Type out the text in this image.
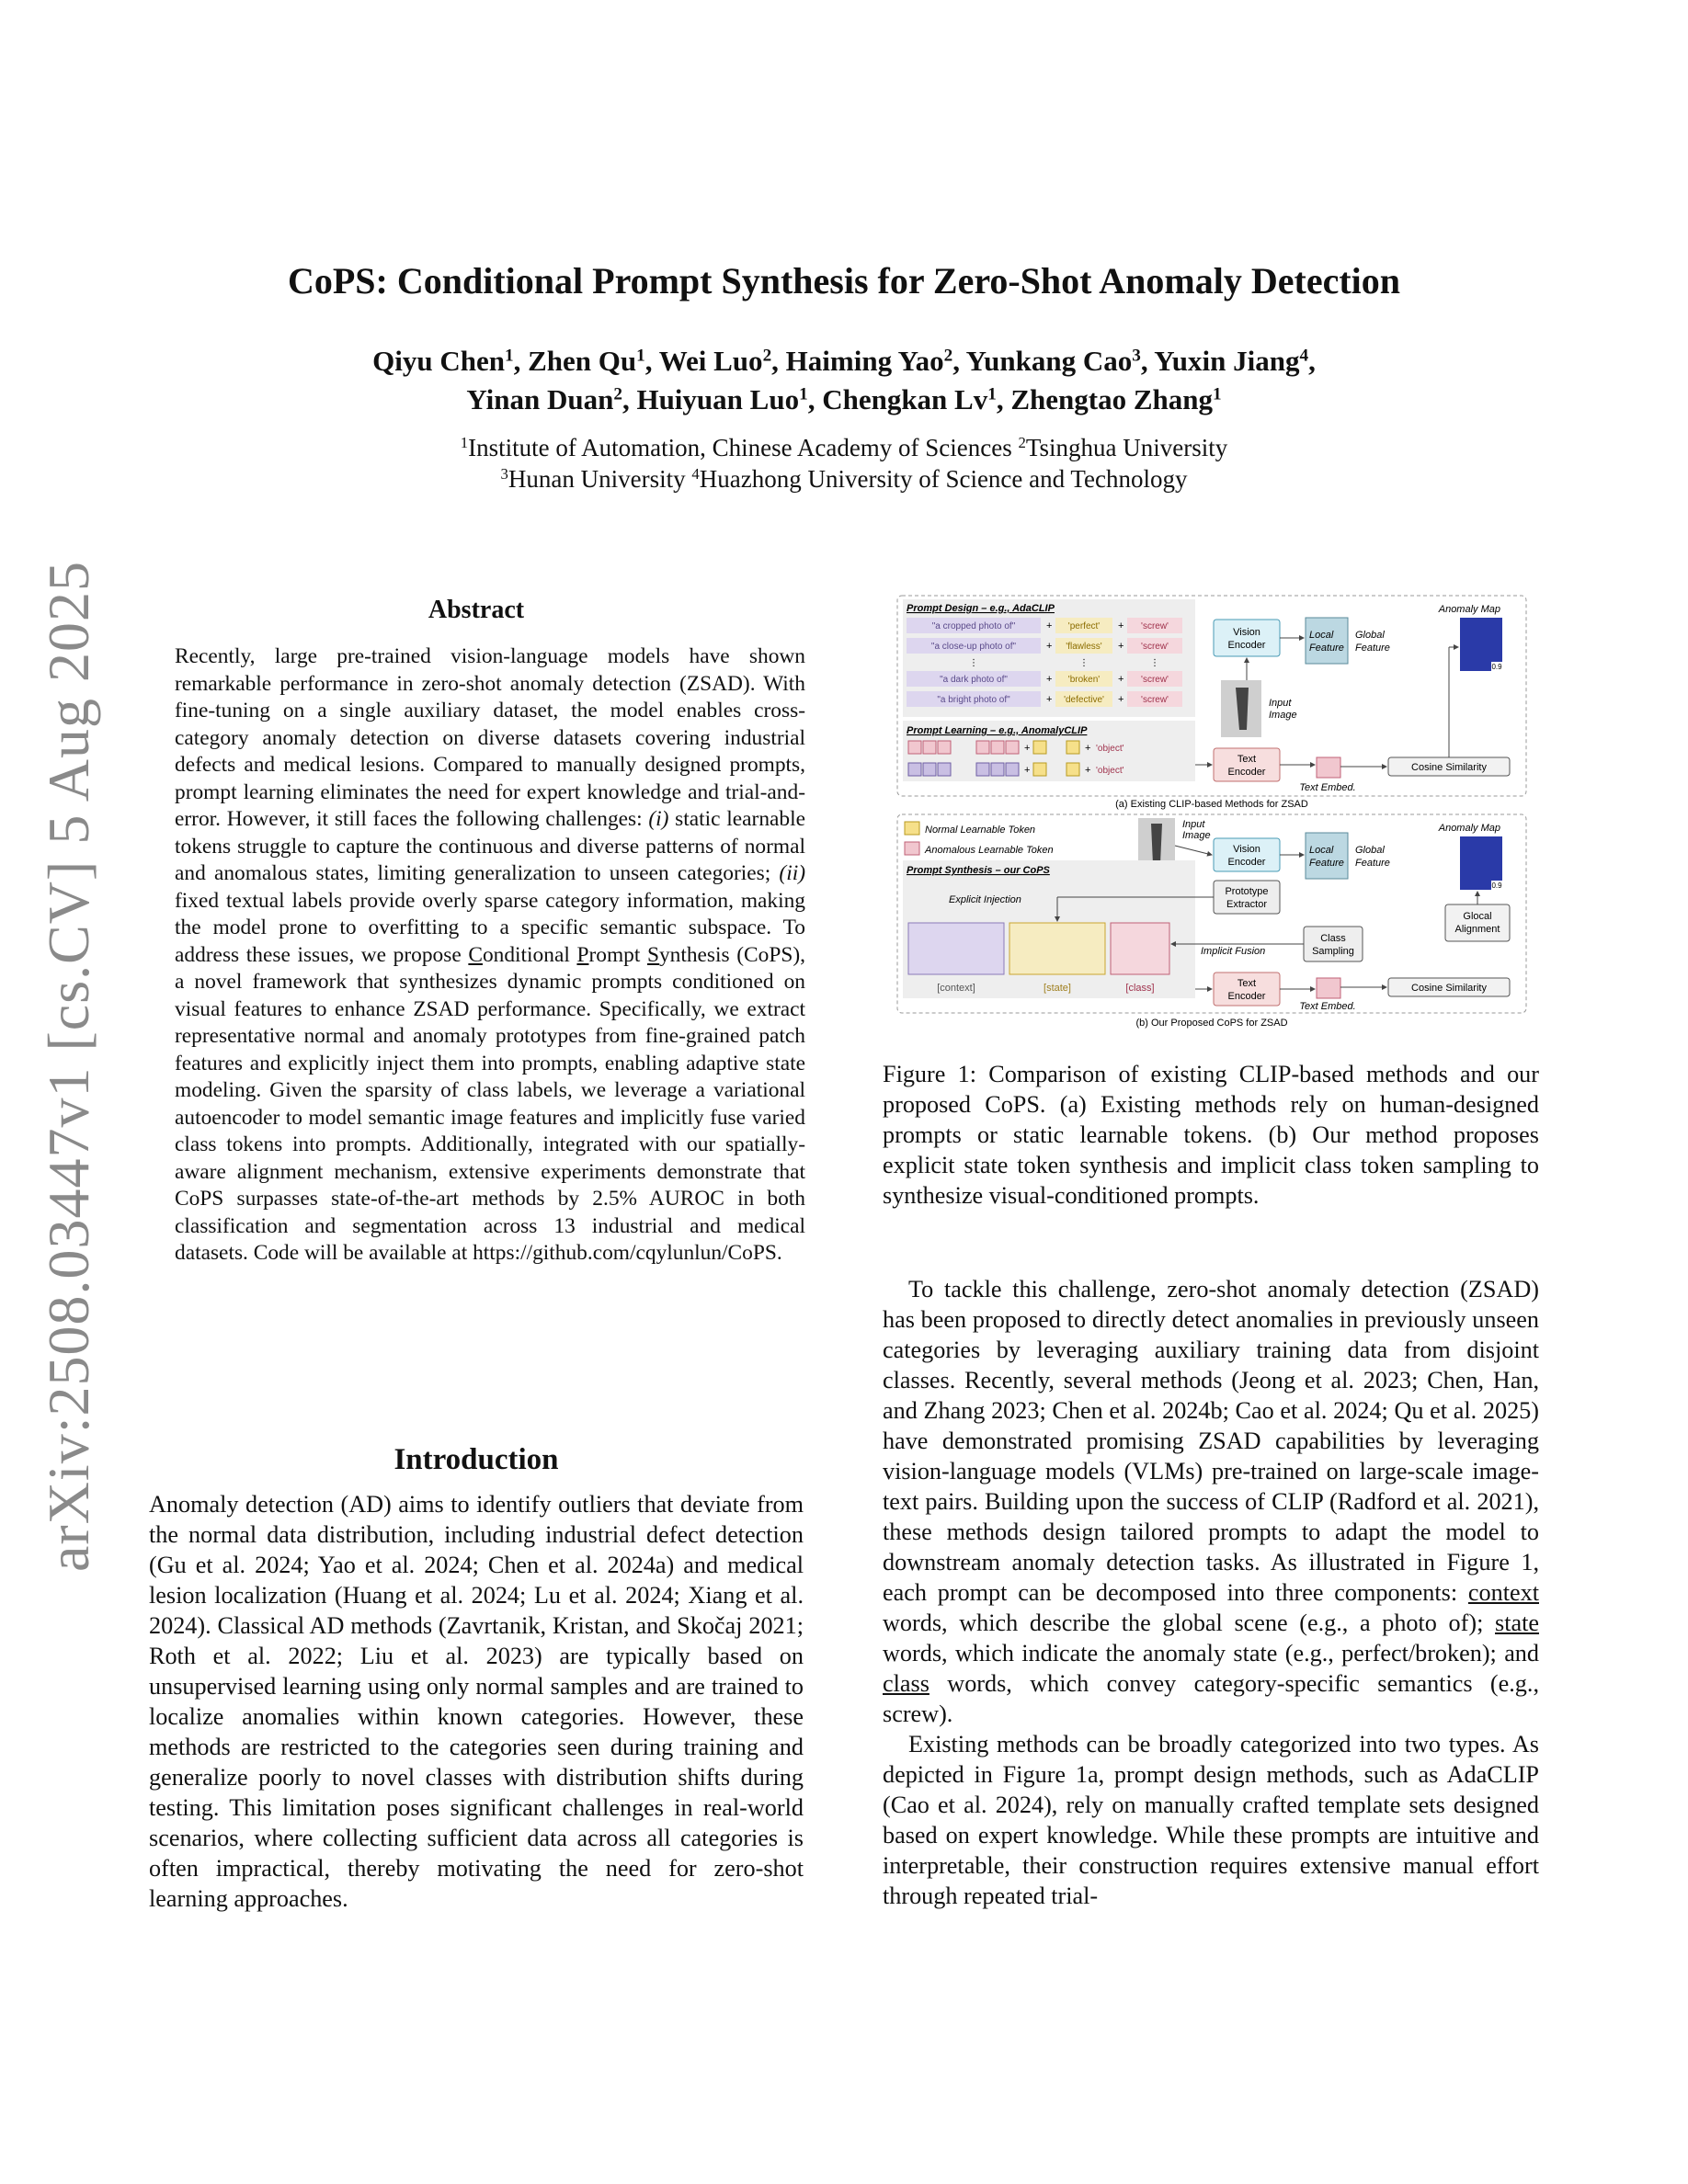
arXiv:2508.03447v1 [cs.CV] 5 Aug 2025
CoPS: Conditional Prompt Synthesis for Zero-Shot Anomaly Detection
Qiyu Chen$^1$, Zhen Qu$^1$, Wei Luo$^2$, Haiming Yao$^2$, Yunkang Cao$^3$, Yuxin Jiang$^4$,
Yinan Duan$^2$, Huiyuan Luo$^1$, Chengkan Lv$^1$, Zhengtao Zhang$^1$
$^1$Institute of Automation, Chinese Academy of Sciences $^2$Tsinghua University
$^3$Hunan University $^4$Huazhong University of Science and Technology
Abstract
Recently, large pre-trained vision-language models have shown remarkable performance in zero-shot anomaly detection (ZSAD). With fine-tuning on a single auxiliary dataset, the model enables cross-category anomaly detection on diverse datasets covering industrial defects and medical lesions. Compared to manually designed prompts, prompt learning eliminates the need for expert knowledge and trial-and-error. However, it still faces the following challenges: (i) static learnable tokens struggle to capture the continuous and diverse patterns of normal and anomalous states, limiting generalization to unseen categories; (ii) fixed textual labels provide overly sparse category information, making the model prone to overfitting to a specific semantic subspace. To address these issues, we propose Conditional Prompt Synthesis (CoPS), a novel framework that synthesizes dynamic prompts conditioned on visual features to enhance ZSAD performance. Specifically, we extract representative normal and anomaly prototypes from fine-grained patch features and explicitly inject them into prompts, enabling adaptive state modeling. Given the sparsity of class labels, we leverage a variational autoencoder to model semantic image features and implicitly fuse varied class tokens into prompts. Additionally, integrated with our spatially-aware alignment mechanism, extensive experiments demonstrate that CoPS surpasses state-of-the-art methods by 2.5% AUROC in both classification and segmentation across 13 industrial and medical datasets. Code will be available at https://github.com/cqylunlun/CoPS.
Introduction

Anomaly detection (AD) aims to identify outliers that deviate from the normal data distribution, including industrial defect detection (Gu et al. 2024; Yao et al. 2024; Chen et al. 2024a) and medical lesion localization (Huang et al. 2024; Lu et al. 2024; Xiang et al. 2024). Classical AD methods (Zavrtanik, Kristan, and Skočaj 2021; Roth et al. 2022; Liu et al. 2023) are typically based on unsupervised learning using only normal samples and are trained to localize anomalies within known categories. However, these methods are restricted to the categories seen during training and generalize poorly to novel classes with distribution shifts during testing. This limitation poses significant challenges in real-world scenarios, where collecting sufficient data across all categories is often impractical, thereby motivating the need for zero-shot learning approaches.

Prompt Design – e.g., AdaCLIP
"a cropped photo of"	+ 'perfect' + 'screw'
"a close-up photo of"	+ 'flawless' + 'screw'
⋮	⋮	⋮
"a dark photo of"	+ 'broken' + 'screw'
"a bright photo of"	+ 'defective' + 'screw'
Prompt Learning – e.g., AnomalyCLIP
+	+ 'object'
+	+ 'object'
Vision
Encoder
Input
Image
Text
Encoder
Local
Feature
Global
Feature
Anomaly Map
0.9
Text Embed.
Cosine Similarity
(a) Existing CLIP-based Methods for ZSAD
Normal Learnable Token
Anomalous Learnable Token
Input
Image
Prompt Synthesis – our CoPS
Explicit Injection
[context]	[state]	[class]
Vision
Encoder
Prototype
Extractor
Implicit Fusion
Class
Sampling
Text
Encoder
Local
Feature
Global
Feature
Anomaly Map
0.9
Glocal
Alignment
Text Embed.
Cosine Similarity
(b) Our Proposed CoPS for ZSAD
Figure 1: Comparison of existing CLIP-based methods and our proposed CoPS. (a) Existing methods rely on human-designed prompts or static learnable tokens. (b) Our method proposes explicit state token synthesis and implicit class token sampling to synthesize visual-conditioned prompts.

To tackle this challenge, zero-shot anomaly detection (ZSAD) has been proposed to directly detect anomalies in previously unseen categories by leveraging auxiliary training data from disjoint classes. Recently, several methods (Jeong et al. 2023; Chen, Han, and Zhang 2023; Chen et al. 2024b; Cao et al. 2024; Qu et al. 2025) have demonstrated promising ZSAD capabilities by leveraging vision-language models (VLMs) pre-trained on large-scale image-text pairs. Building upon the success of CLIP (Radford et al. 2021), these methods design tailored prompts to adapt the model to downstream anomaly detection tasks. As illustrated in Figure 1, each prompt can be decomposed into three components: context words, which describe the global scene (e.g., a photo of); state words, which indicate the anomaly state (e.g., perfect/broken); and class words, which convey category-specific semantics (e.g., screw).

Existing methods can be broadly categorized into two types. As depicted in Figure 1a, prompt design methods, such as AdaCLIP (Cao et al. 2024), rely on manually crafted template sets designed based on expert knowledge. While these prompts are intuitive and interpretable, their construction requires extensive manual effort through repeated trial-
